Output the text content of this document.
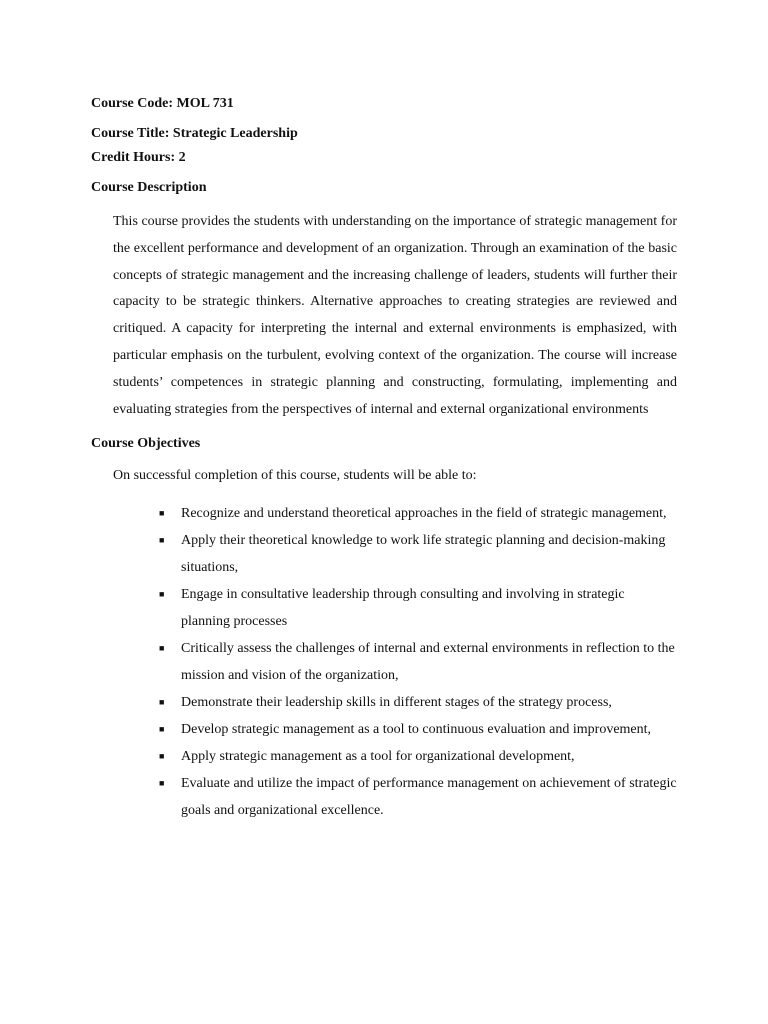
Course Code: MOL 731
Course Title: Strategic Leadership
Credit Hours: 2
Course Description

This course provides the students with understanding on the importance of strategic management for the excellent performance and development of an organization. Through an examination of the basic concepts of strategic management and the increasing challenge of leaders, students will further their capacity to be strategic thinkers. Alternative approaches to creating strategies are reviewed and critiqued. A capacity for interpreting the internal and external environments is emphasized, with particular emphasis on the turbulent, evolving context of the organization. The course will increase students’ competences in strategic planning and constructing, formulating, implementing and evaluating strategies from the perspectives of internal and external organizational environments

Course Objectives

On successful completion of this course, students will be able to:

■ Recognize and understand theoretical approaches in the field of strategic management,
■ Apply their theoretical knowledge to work life strategic planning and decision-making situations,
■ Engage in consultative leadership through consulting and involving in strategic planning processes
■ Critically assess the challenges of internal and external environments in reflection to the mission and vision of the organization,
■ Demonstrate their leadership skills in different stages of the strategy process,
■ Develop strategic management as a tool to continuous evaluation and improvement,
■ Apply strategic management as a tool for organizational development,
■ Evaluate and utilize the impact of performance management on achievement of strategic goals and organizational excellence.
